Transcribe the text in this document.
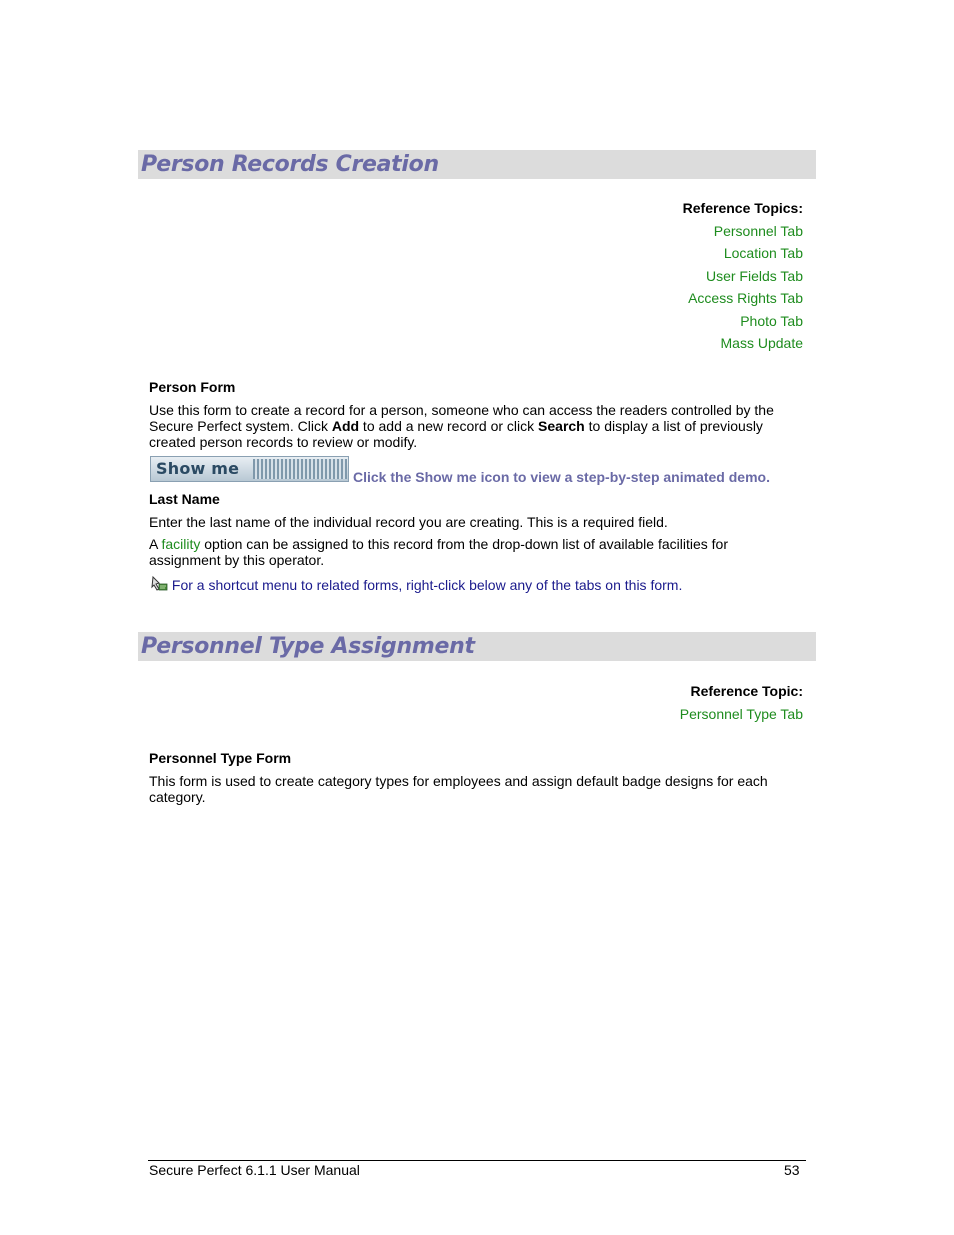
Person Records Creation
Reference Topics:
Personnel Tab
Location Tab
User Fields Tab
Access Rights Tab
Photo Tab
Mass Update
Person Form
Use this form to create a record for a person, someone who can access the readers controlled by the Secure Perfect system. Click Add to add a new record or click Search to display a list of previously created person records to review or modify.
Show me	Click the Show me icon to view a step-by-step animated demo.
Last Name
Enter the last name of the individual record you are creating. This is a required field.
A facility option can be assigned to this record from the drop-down list of available facilities for assignment by this operator.
For a shortcut menu to related forms, right-click below any of the tabs on this form.
Personnel Type Assignment
Reference Topic:
Personnel Type Tab
Personnel Type Form
This form is used to create category types for employees and assign default badge designs for each category.
Secure Perfect 6.1.1 User Manual	53
